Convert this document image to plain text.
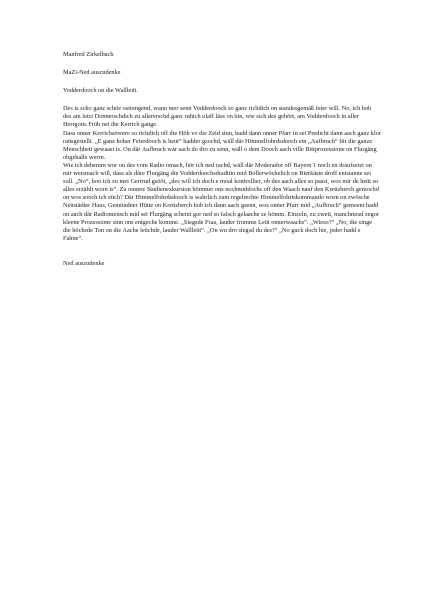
Manfred Zirkelbach
MaZi-Ned auszudenke
Vodderdooch on die Wallleüt.
Des is scho ganz schöe ostrengend, wann mer senn Vodderdooch so ganz richdich on standesgemäß feier will. No, ich hob des am letzt Donnerschdich zu allererschd ganz ruhich olaff läss on bin, wie sich des gehört, am Vodderdooch in aller Herrgotts Früh nei die Kerrich gange.
Dass onner Kerrichsöwere so richdich off die Höh vo die Zeid sinn, hadd dann onner Pfarr in sei Predicht dann aach ganz klor raüsgestellt. „E ganz hoher Feierdooch is heut“ hadder gsochd, wäll där Himmelfohrdsdooch ein „Aufbruch“ für die ganze Menschheit gewaast is. On där Aufbruch wär aach do dro zu senn, wäll o dem Dooch aach ville Bittprozessione on Flurgäng obgehalle werrn.
Wie ich dehemm wor on des vom Radio omach, hör ich ned rachd, wäll där Moderador off Bayern 1 noch en draufsetzt on mir weismach will, dass als däre Flurgäng die Vodderdoochsdraditio mid Bollerwöchelich on Bierkäste droff entstanne sei soll. „No“, hoo ich zu mei Gertrud gsööt, „des will ich doch e moal kontrollier, ob des aach alles so passt, wos mir de heüt so alles erzählt worn is“. Zu onnere Studienexkursion hömmer ons nochmiddochs off den Waach nauf den Kreüzberch gemochd on wos sooch ich eüch? Där Himmelfohrdsdooch is wahrlich zum regelrechte Himmelfohrtskommando worn on zwösche Neüstädter Haus, Gemündner Hütte on Kreüzberch hob ich dann aach gsenn, wos onner Pfarr mid „Aufbruch“ gemeent hadd on aach där Radiomensch mid sei Flurgäng scheint gor ned so falsch gelaache ze hömm. Einzeln, zu zwett, manchmoal zegor kleene Prozessione sinn ons entgeche komme. „Siegsde Fraa, lauder fromme Leüt onnerwaachs“. „Wieso?“ „No, die singe die höchsde Ton on die Aache leüchde, lauder Wallleüt“. „On wu dro siegsd du des?“ „No guck doch hie, jeder hadd e Fahne“.
Ned auszudenke
